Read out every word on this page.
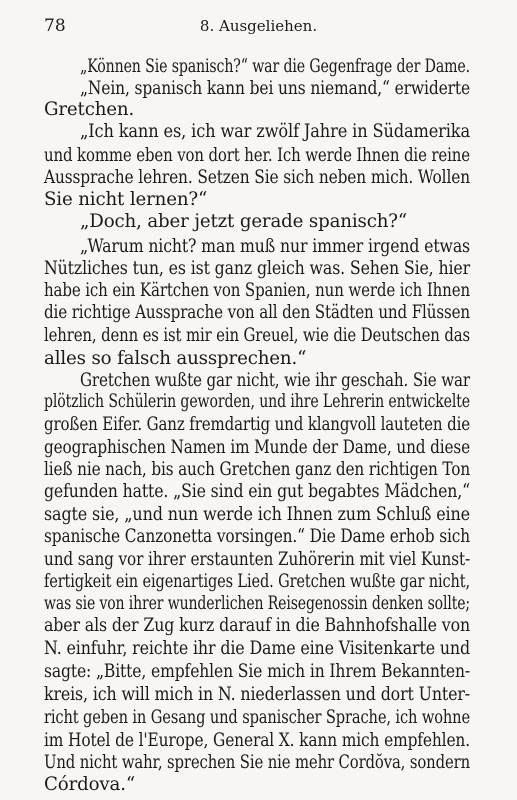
78	8. Ausgeliehen.
„Können Sie spanisch?“ war die Gegenfrage der Dame.
„Nein, spanisch kann bei uns niemand,“ erwiderte
Gretchen.
„Ich kann es, ich war zwölf Jahre in Südamerika
und komme eben von dort her. Ich werde Ihnen die reine
Aussprache lehren. Setzen Sie sich neben mich. Wollen
Sie nicht lernen?“
„Doch, aber jetzt gerade spanisch?“
„Warum nicht? man muß nur immer irgend etwas
Nützliches tun, es ist ganz gleich was. Sehen Sie, hier
habe ich ein Kärtchen von Spanien, nun werde ich Ihnen
die richtige Aussprache von all den Städten und Flüssen
lehren, denn es ist mir ein Greuel, wie die Deutschen das
alles so falsch aussprechen.“
Gretchen wußte gar nicht, wie ihr geschah. Sie war
plötzlich Schülerin geworden, und ihre Lehrerin entwickelte
großen Eifer. Ganz fremdartig und klangvoll lauteten die
geographischen Namen im Munde der Dame, und diese
ließ nie nach, bis auch Gretchen ganz den richtigen Ton
gefunden hatte. „Sie sind ein gut begabtes Mädchen,“
sagte sie, „und nun werde ich Ihnen zum Schluß eine
spanische Canzonetta vorsingen.“ Die Dame erhob sich
und sang vor ihrer erstaunten Zuhörerin mit viel Kunst-
fertigkeit ein eigenartiges Lied. Gretchen wußte gar nicht,
was sie von ihrer wunderlichen Reisegenossin denken sollte;
aber als der Zug kurz darauf in die Bahnhofshalle von
N. einfuhr, reichte ihr die Dame eine Visitenkarte und
sagte: „Bitte, empfehlen Sie mich in Ihrem Bekannten-
kreis, ich will mich in N. niederlassen und dort Unter-
richt geben in Gesang und spanischer Sprache, ich wohne
im Hotel de l'Europe, General X. kann mich empfehlen.
Und nicht wahr, sprechen Sie nie mehr Cordŏva, sondern
Córdova.“
